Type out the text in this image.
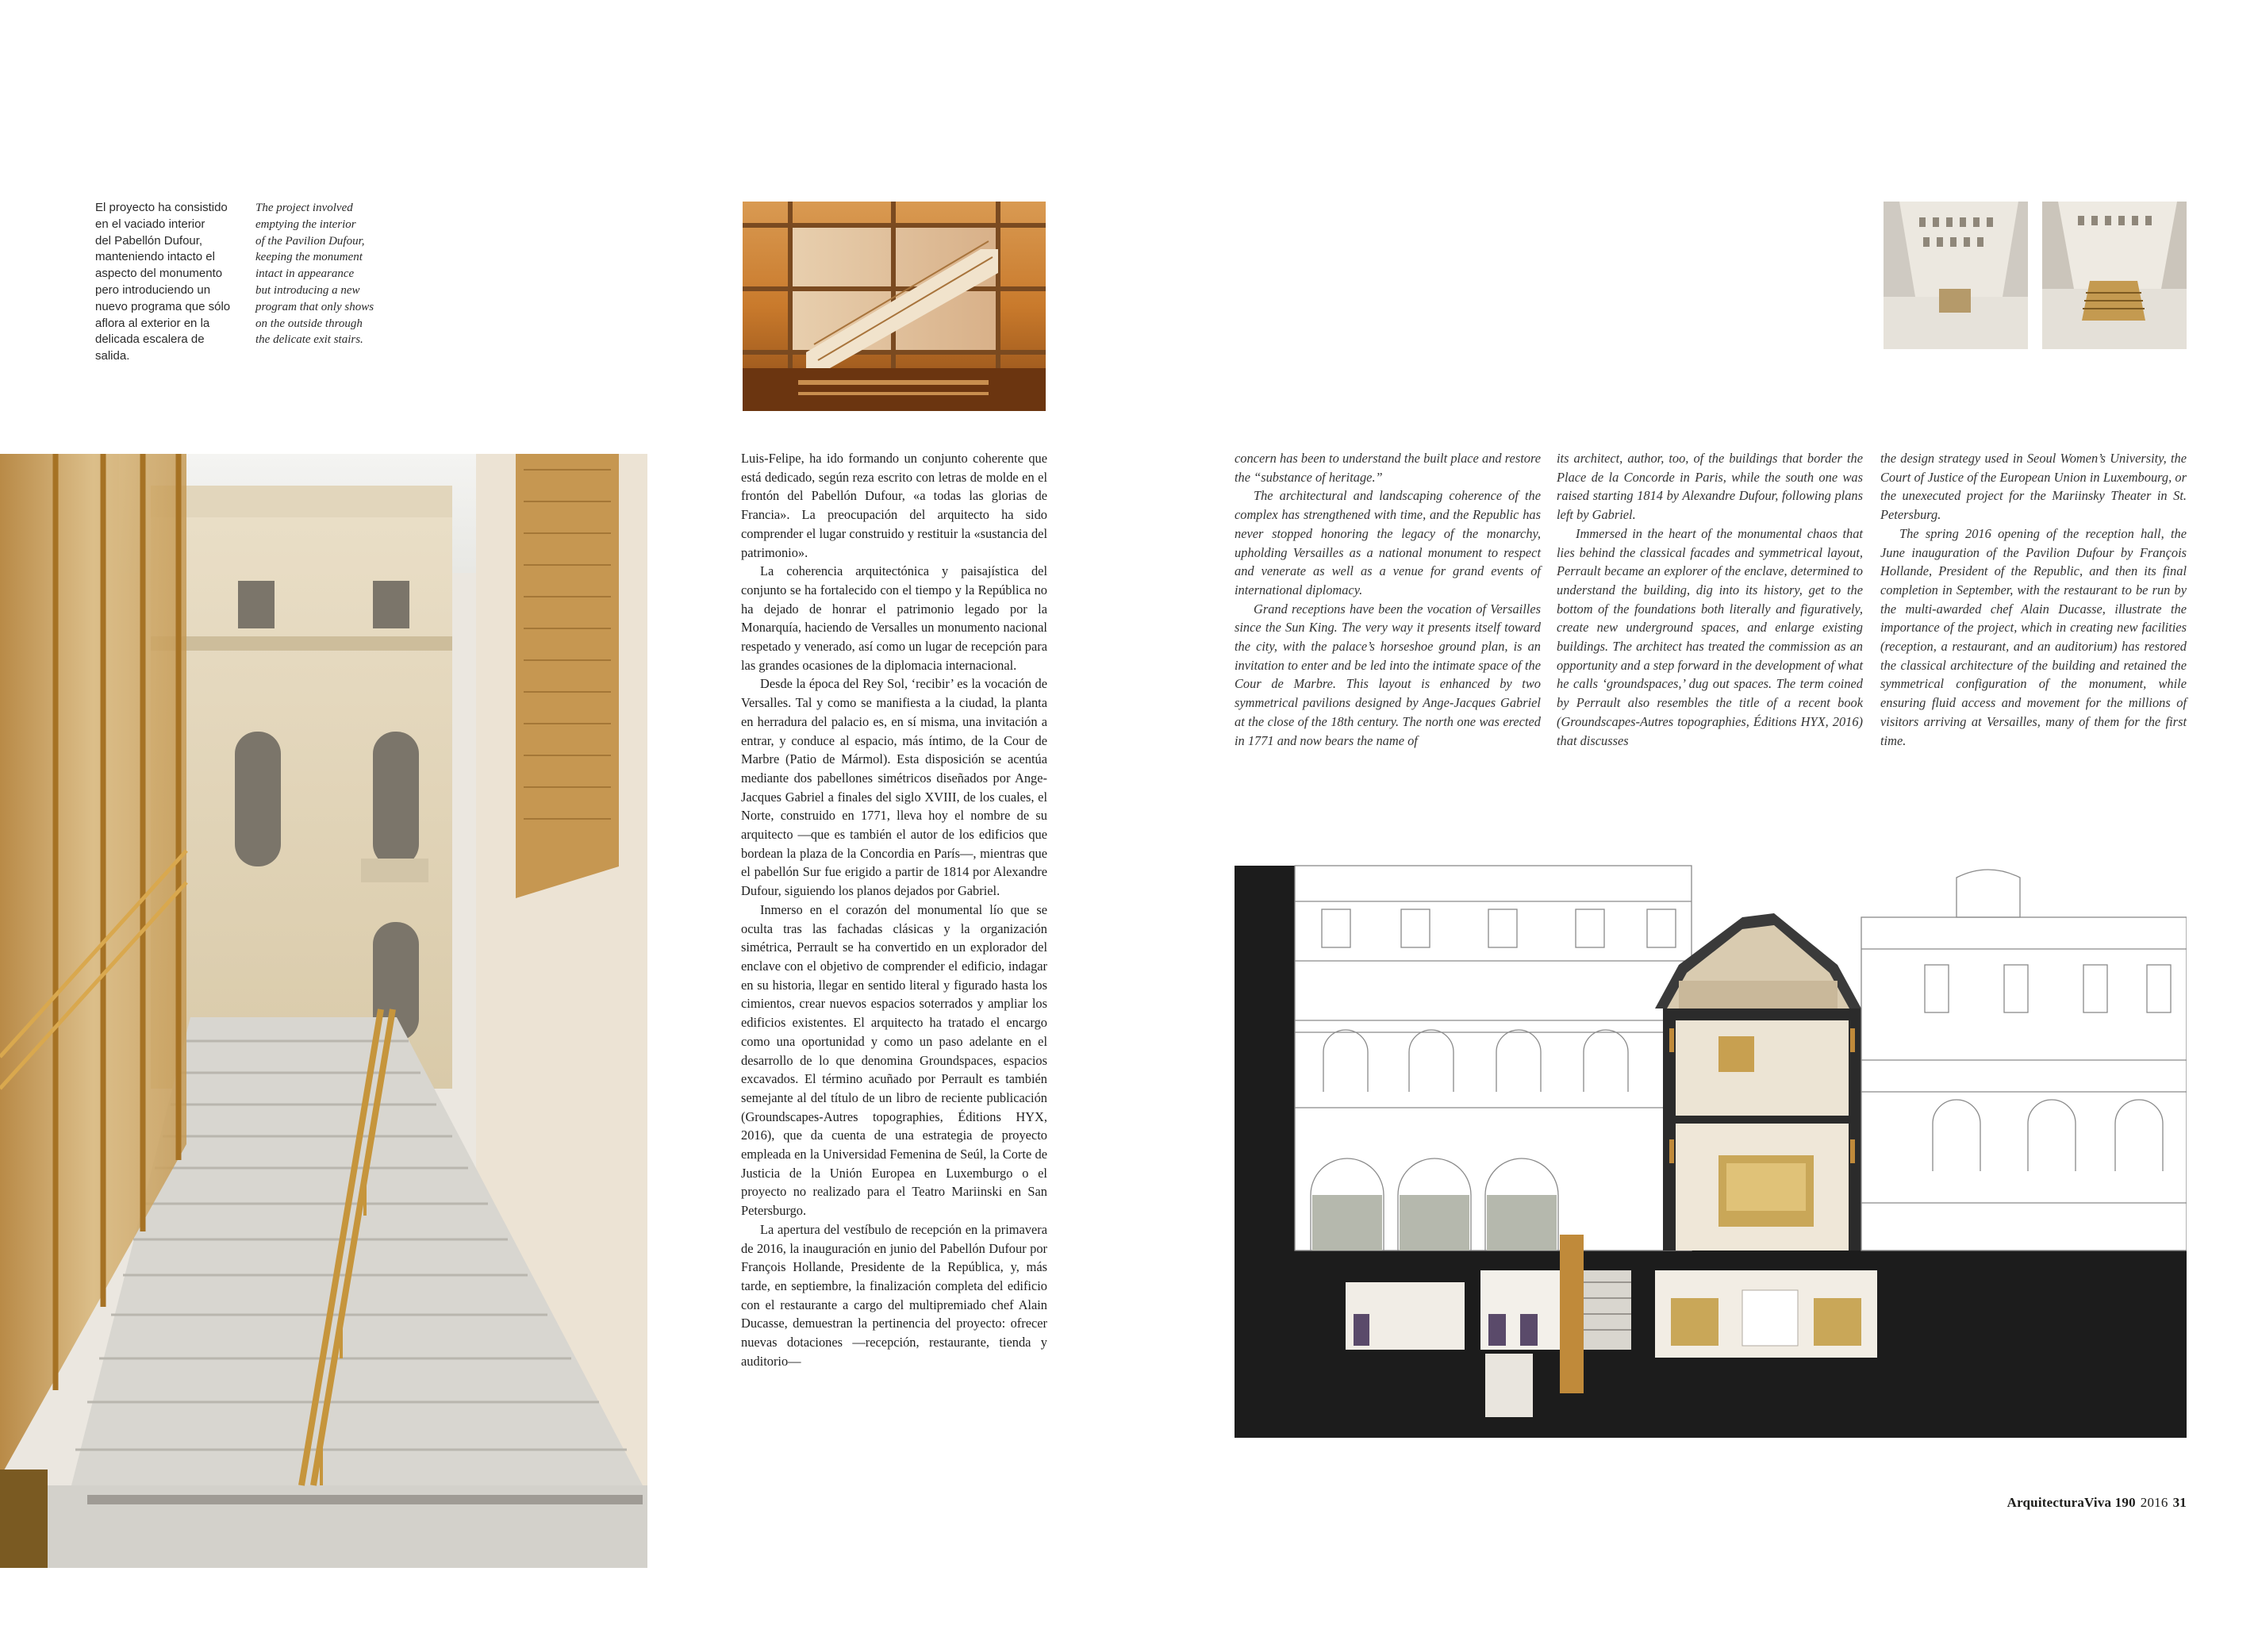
El proyecto ha consistido
en el vaciado interior
del Pabellón Dufour,
manteniendo intacto el
aspecto del monumento
pero introduciendo un
nuevo programa que sólo
aflora al exterior en la
delicada escalera de salida.
The project involved
emptying the interior
of the Pavilion Dufour,
keeping the monument
intact in appearance
but introducing a new
program that only shows
on the outside through
the delicate exit stairs.

Luis-Felipe, ha ido formando un conjunto coherente que está dedicado, según reza escrito con letras de molde en el frontón del Pabellón Dufour, «a todas las glorias de Francia». La preocupación del arquitecto ha sido comprender el lugar construido y restituir la «sustancia del patrimonio».

La coherencia arquitectónica y paisajística del conjunto se ha fortalecido con el tiempo y la República no ha dejado de honrar el patrimonio legado por la Monarquía, haciendo de Versalles un monumento nacional respetado y venerado, así como un lugar de recepción para las grandes ocasiones de la diplomacia internacional.

Desde la época del Rey Sol, ‘recibir’ es la vocación de Versalles. Tal y como se manifiesta a la ciudad, la planta en herradura del palacio es, en sí misma, una invitación a entrar, y conduce al espacio, más íntimo, de la Cour de Marbre (Patio de Mármol). Esta disposición se acentúa mediante dos pabellones simétricos diseñados por Ange-Jacques Gabriel a finales del siglo XVIII, de los cuales, el Norte, construido en 1771, lleva hoy el nombre de su arquitecto —que es también el autor de los edificios que bordean la plaza de la Concordia en París—, mientras que el pabellón Sur fue erigido a partir de 1814 por Alexandre Dufour, siguiendo los planos dejados por Gabriel.

Inmerso en el corazón del monumental lío que se oculta tras las fachadas clásicas y la organización simétrica, Perrault se ha convertido en un explorador del enclave con el objetivo de comprender el edificio, indagar en su historia, llegar en sentido literal y figurado hasta los cimientos, crear nuevos espacios soterrados y ampliar los edificios existentes. El arquitecto ha tratado el encargo como una oportunidad y como un paso adelante en el desarrollo de lo que denomina Groundspaces, espacios excavados. El término acuñado por Perrault es también semejante al del título de un libro de reciente publicación (Groundscapes-Autres topographies, Éditions HYX, 2016), que da cuenta de una estrategia de proyecto empleada en la Universidad Femenina de Seúl, la Corte de Justicia de la Unión Europea en Luxemburgo o el proyecto no realizado para el Teatro Mariinski en San Petersburgo.

La apertura del vestíbulo de recepción en la primavera de 2016, la inauguración en junio del Pabellón Dufour por François Hollande, Presidente de la República, y, más tarde, en septiembre, la finalización completa del edificio con el restaurante a cargo del multipremiado chef Alain Ducasse, demuestran la pertinencia del proyecto: ofrecer nuevas dotaciones —recepción, restaurante, tienda y auditorio—

concern has been to understand the built place and restore the “substance of heritage.”

The architectural and landscaping coherence of the complex has strengthened with time, and the Republic has never stopped honoring the legacy of the monarchy, upholding Versailles as a national monument to respect and venerate as well as a venue for grand events of international diplomacy.

Grand receptions have been the vocation of Versailles since the Sun King. The very way it presents itself toward the city, with the palace’s horseshoe ground plan, is an invitation to enter and be led into the intimate space of the Cour de Marbre. This layout is enhanced by two symmetrical pavilions designed by Ange-Jacques Gabriel at the close of the 18th century. The north one was erected in 1771 and now bears the name of

its architect, author, too, of the buildings that border the Place de la Concorde in Paris, while the south one was raised starting 1814 by Alexandre Dufour, following plans left by Gabriel.

Immersed in the heart of the monumental chaos that lies behind the classical facades and symmetrical layout, Perrault became an explorer of the enclave, determined to understand the building, dig into its history, get to the bottom of the foundations both literally and figuratively, create new underground spaces, and enlarge existing buildings. The architect has treated the commission as an opportunity and a step forward in the development of what he calls ‘groundspaces,’ dug out spaces. The term coined by Perrault also resembles the title of a recent book (Groundscapes-Autres topographies, Éditions HYX, 2016) that discusses

the design strategy used in Seoul Women’s University, the Court of Justice of the European Union in Luxembourg, or the unexecuted project for the Mariinsky Theater in St. Petersburg.

The spring 2016 opening of the reception hall, the June inauguration of the Pavilion Dufour by François Hollande, President of the Republic, and then its final completion in September, with the restaurant to be run by the multi-awarded chef Alain Ducasse, illustrate the importance of the project, which in creating new facilities (reception, a restaurant, and an auditorium) has restored the classical architecture of the building and retained the symmetrical configuration of the monument, while ensuring fluid access and movement for the millions of visitors arriving at Versailles, many of them for the first time.

ArquitecturaViva 190 2016 31
